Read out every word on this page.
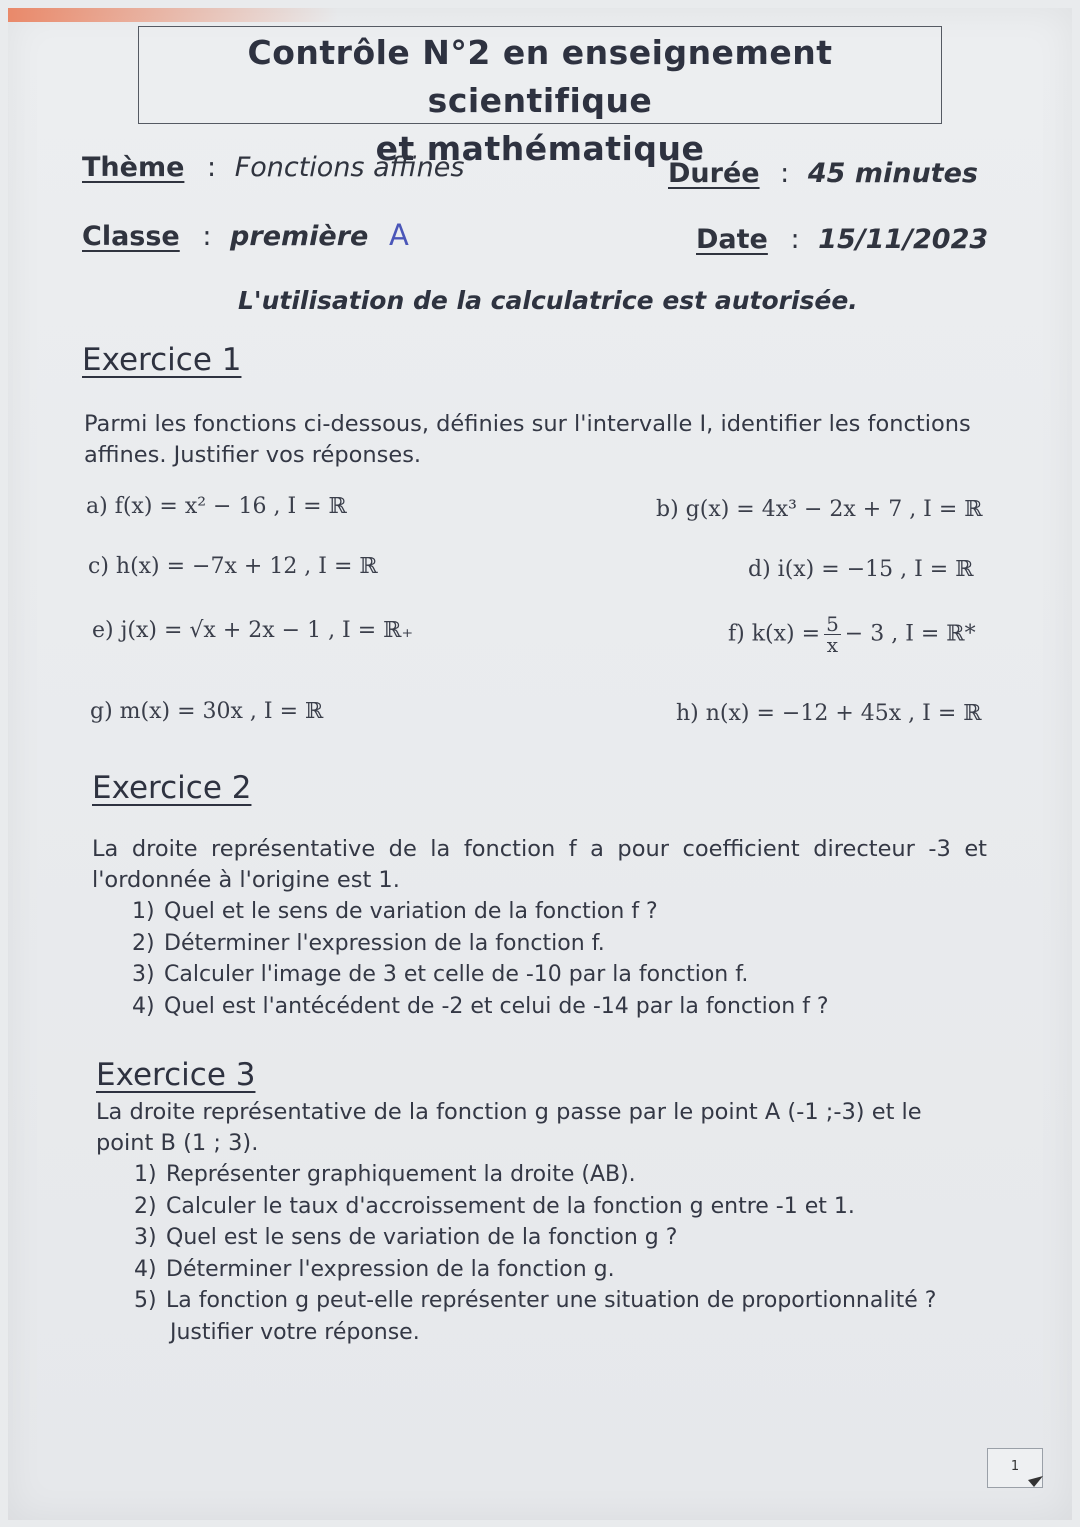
Contrôle N°2 en enseignement scientifique
et mathématique
Thème : Fonctions affines	Durée : 45 minutes
Classe : première A	Date : 15/11/2023
L'utilisation de la calculatrice est autorisée.
Exercice 1
Parmi les fonctions ci-dessous, définies sur l'intervalle I, identifier les fonctions affines. Justifier vos réponses.
a) f(x) = x² − 16 , I = ℝ	b) g(x) = 4x³ − 2x + 7 , I = ℝ
c) h(x) = −7x + 12 , I = ℝ	d) i(x) = −15 , I = ℝ
e) j(x) = √x + 2x − 1 , I = ℝ₊	f) $k(x) = \frac{5}{x} - 3$ , I = ℝ*
g) m(x) = 30x , I = ℝ	h) n(x) = −12 + 45x , I = ℝ
Exercice 2
La droite représentative de la fonction f a pour coefficient directeur -3 et l'ordonnée à l'origine est 1.
1) Quel et le sens de variation de la fonction f ?
2) Déterminer l'expression de la fonction f.
3) Calculer l'image de 3 et celle de -10 par la fonction f.
4) Quel est l'antécédent de -2 et celui de -14 par la fonction f ?
Exercice 3
La droite représentative de la fonction g passe par le point A (-1 ;-3) et le point B (1 ; 3).
1) Représenter graphiquement la droite (AB).
2) Calculer le taux d'accroissement de la fonction g entre -1 et 1.
3) Quel est le sens de variation de la fonction g ?
4) Déterminer l'expression de la fonction g.
5) La fonction g peut-elle représenter une situation de proportionnalité ?
Justifier votre réponse.
1
